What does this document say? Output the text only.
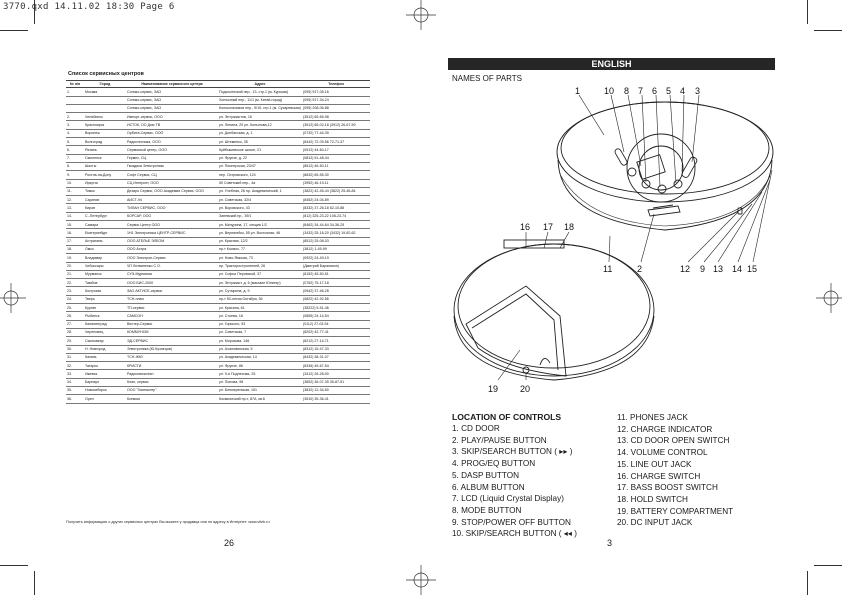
3770.qxd 14.11.02 18:30 Page 6
Список сервисных центров
№ п/п	Город	Наименование сервисного центра	Адрес	Телефон
1.	Москва	Сонико-сервис, ЗАО	Подсосенский пер., 13, стр.1 (м. Курская)	(095) 917-05-16
		Сонико-сервис, ЗАО	Холхозный пер., 11/1 (м. Китай-город)	(095) 917-34-24
		Сонико-сервис, ЗАО	Колокольников пер., 9/10, стр.1 (м. Сухаревская)	(095) 208-06-88
2.	Челябинск	Импорт-сервис, ООО	ул. Энтузиастов, 16	(3512) 65-65-98
3.	Красноярск	ИСТОК, ОО Дом ТВ	ул. Ленина, 29 ул. Копылова,12	(3912) 65-02-18 (3912) 26-67-59
4.	Воронеж	Орбита-Сервис, ООО	ул. Донбасская, д. 1	(0732) 77-44-39
5.	Волгоград	Радиотехника, ООО	ул. Штеменко, 35	(8442) 72-09-56 72-71-37
6.	Рязань	Сервисный центр, ООО	Куйбышевское шоссе, 21	(0912) 44-60-17
7.	Смоленск	Гермес, СЦ	ул. Фрунзе, д. 22	(0812) 51-48-44
8.	Шахты	Гвоздика Электроникс	ул. Пионерская, 23/47	(8612) 46-50-11
9.	Ростов-на-Дону	Софт Сервис, СЦ	пер. Островского, 124	(8632) 65-55-30
10.	Иркутск	СЦ Интерсет, ООО	50 Советский пер., 4а	(3952) 46-19-11
11.	Томск	Дезаро Сервис, ООО Академия Сервис, ООО	ул. Учебная, 26 пр. Академический, 1	(3822) 42-45-44 (3822) 25-46-84
12.	Саратов	АИСТ-94	ул. Советская, 32/4	(8452) 24-04-89
13.	Киров	ТИЛАН СЕРВИС, ООО	ул. Воровского, 43	(8332) 37-26-18 62-10-88
14.	С.-Петербург	КОРСАР, ООО	Заневский пр., 39/1	(812) 325-23-22 108-23-74
15.	Самара	Сервис Центр ООО	ул. Мичурина, 17, секция 1/2	(8462) 34-44-64 34-36-25
16.	Екатеринбург	1Н1 Электроника ЦЕНТР-СЕРВИС	ул. Вернигейск, 55 ул. Восточная, 46	(3432) 25-18-20 (3432) 19-82-62
17.	Астрахань	ООО АТЕЛЬЕ ЭЛЕОМ	ул. Красная, 12/2	(8512) 25-08-03
18.	Омск	ООО Астра	пр-т Космос, 77	(3812) 1-45-99
19.	Владимир	ООО Электрон-Сервис	ул. Ново-Ямская, 73	(0922) 24-49-19
20.	Чебоксары	ЧП Литвиненко С.О.	пр. Тракторостроителей, 26	(Дмитрий Бараникин)
21.	Мурманск	СУЭ-Мурманск	ул. Софьи Перовской, 37	(8152) 45-50-51
22.	Тамбов	ООО БИС-2000	ул. Энтузиаст, д. 6 (магазин Юпитер)	(0752) 75-17-18
23.	Кострома	ЗАО АКТИСЕ-сервис	ул. Сутырина, д. 9	(0942) 37-46-28
24.	Тверь	ТСН-плюс	пр-т 50-летия Октября, 36	(0822) 42-92-56
25.	Курган	ТП-сервис	ул. Красина, 61	(35222) 5-51-46
26.	Рыбинск	САМСОН	ул. Стоева, 16	(0855) 24-14-54
27.	Калининград	Вестер-Сервис	ул. Горького, 53	(0112) 27-03-54
28.	Череповец	КОММУНОМ	ул. Советская, 7	(8202) 42-77-41
29.	Сыктывкар	ЭД-СЕРВИС	ул. Морозова, 146	(8212) 27-14-71
30.	Н. Новгород	Электроника (Ю.Кузнецов)	ул. Ачаловинская, 5	(8312) 15-47-33
31.	Казань	ТСН-ЖКУ	ул. Академическая, 14	(8432) 38-31-07
32.	Татарск	КРИСТИ	ул. Фрунзе, 86	(8336) 45-67-54
33.	Ижевск	Радиосвязьтехн	ул. 9-я Подлесная, 25	(3412) 26-28-00
34.	Барнаул	Клип, сервис	ул. Попова, 98	(3852) 36-07-35 35-87-51
35.	Новосибирск	ООО "Гимнастер"	ул. Блюхеренская, 151	(3832) 12-34-50
36.	Орел	Ксемом	Космический пр-т, 87А, кв.6	(3510) 35-36-41
Получить информацию о других сервисных центрах Вы можете у продавца или по адресу в Интернет: www.vitek.ru
26
ENGLISH
NAMES OF PARTS
1	10 8 7 6 5 4 3
11	2	12 9 13 14 15
16 17 18
19 20
LOCATION OF CONTROLS
1. CD DOOR
2. PLAY/PAUSE BUTTON
3. SKIP/SEARCH BUTTON ( ▸▸ )
4. PROG/EQ BUTTON
5. DASP BUTTON
6. ALBUM BUTTON
7. LCD (Liquid Crystal Display)
8. MODE BUTTON
9. STOP/POWER OFF BUTTON
10. SKIP/SEARCH BUTTON ( ◂◂ )
11. PHONES JACK
12. CHARGE INDICATOR
13. CD DOOR OPEN SWITCH
14. VOLUME CONTROL
15. LINE OUT JACK
16. CHARGE SWITCH
17. BASS BOOST SWITCH
18. HOLD SWITCH
19. BATTERY COMPARTMENT
20. DC INPUT JACK
3
